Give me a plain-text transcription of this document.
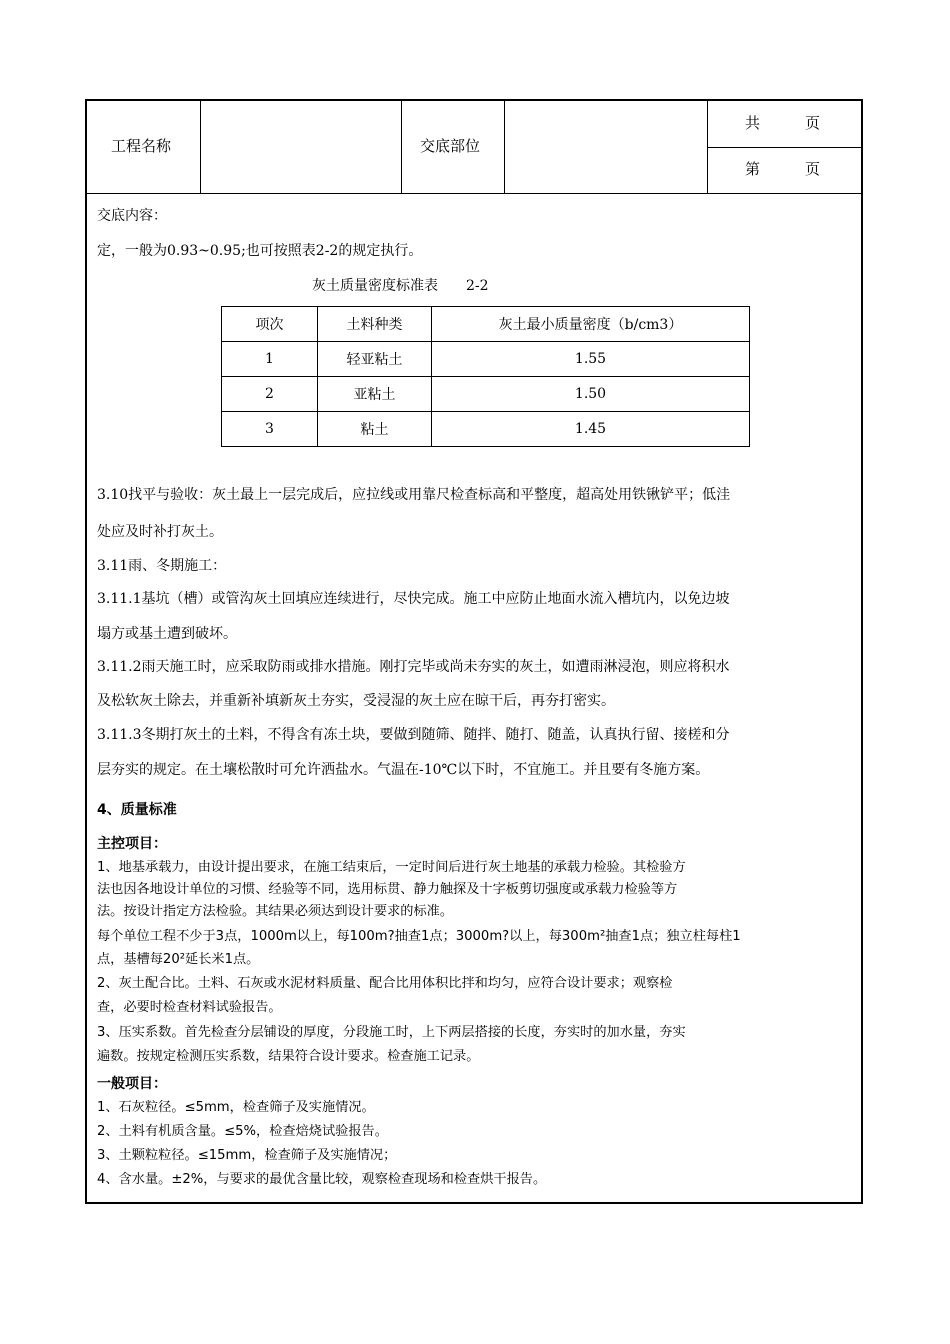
工程名称	交底部位
共　　　页
第　　　页
交底内容：
定，一般为0.93~0.95;也可按照表2-2的规定执行。
灰土质量密度标准表　　2-2
项次	土料种类	灰土最小质量密度（b/cm3）
1	轻亚粘土	1.55
2	亚粘土	1.50
3	粘土	1.45
3.10找平与验收：灰土最上一层完成后，应拉线或用靠尺检查标高和平整度，超高处用铁锹铲平；低洼
处应及时补打灰土。
3.11雨、冬期施工：
3.11.1基坑（槽）或管沟灰土回填应连续进行，尽快完成。施工中应防止地面水流入槽坑内，以免边坡
塌方或基土遭到破坏。
3.11.2雨天施工时，应采取防雨或排水措施。刚打完毕或尚未夯实的灰土，如遭雨淋浸泡，则应将积水
及松软灰土除去，并重新补填新灰土夯实，受浸湿的灰土应在晾干后，再夯打密实。
3.11.3冬期打灰土的土料，不得含有冻土块，要做到随筛、随拌、随打、随盖，认真执行留、接槎和分
层夯实的规定。在土壤松散时可允许洒盐水。气温在-10℃以下时，不宜施工。并且要有冬施方案。
4、质量标准
主控项目：
1、地基承载力，由设计提出要求，在施工结束后，一定时间后进行灰土地基的承载力检验。其检验方
法也因各地设计单位的习惯、经验等不同，选用标贯、静力触探及十字板剪切强度或承载力检验等方
法。按设计指定方法检验。其结果必须达到设计要求的标准。
每个单位工程不少于3点，1000m以上，每100m?抽查1点；3000m?以上，每300m²抽查1点；独立柱每柱1
点，基槽每20²延长米1点。
2、灰土配合比。土料、石灰或水泥材料质量、配合比用体积比拌和均匀，应符合设计要求；观察检
查，必要时检查材料试验报告。
3、压实系数。首先检查分层铺设的厚度，分段施工时，上下两层搭接的长度，夯实时的加水量，夯实
遍数。按规定检测压实系数，结果符合设计要求。检查施工记录。
一般项目：
1、石灰粒径。≤5mm，检查筛子及实施情况。
2、土料有机质含量。≤5%，检查焙烧试验报告。
3、土颗粒粒径。≤15mm，检查筛子及实施情况；
4、含水量。±2%，与要求的最优含量比较，观察检查现场和检查烘干报告。
